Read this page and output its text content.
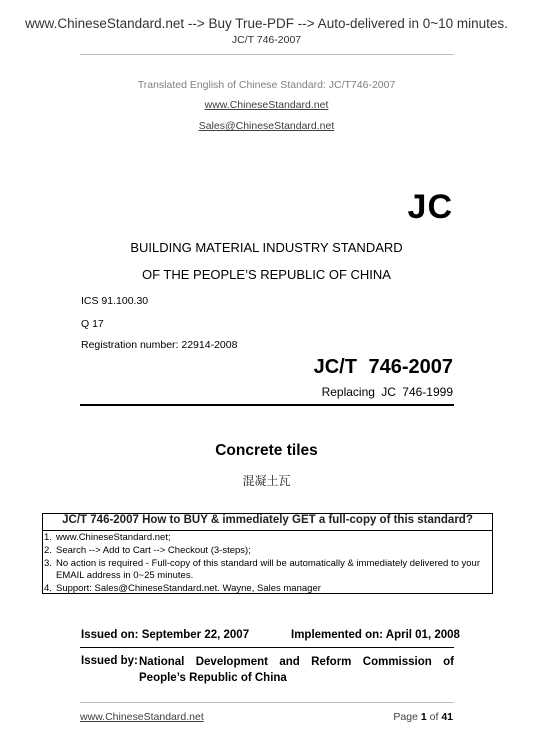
www.ChineseStandard.net --> Buy True-PDF --> Auto-delivered in 0~10 minutes.
JC/T 746-2007
Translated English of Chinese Standard: JC/T746-2007
www.ChineseStandard.net
Sales@ChineseStandard.net
JC
BUILDING MATERIAL INDUSTRY STANDARD
OF THE PEOPLE’S REPUBLIC OF CHINA
ICS 91.100.30
Q 17
Registration number: 22914-2008
JC/T 746-2007
Replacing JC 746-1999
Concrete tiles
混凝土瓦
JC/T 746-2007 How to BUY & immediately GET a full-copy of this standard?
1. www.ChineseStandard.net;
2. Search --> Add to Cart --> Checkout (3-steps);
3. No action is required - Full-copy of this standard will be automatically & immediately delivered to your EMAIL address in 0~25 minutes.
4. Support: Sales@ChineseStandard.net. Wayne, Sales manager
Issued on: September 22, 2007	Implemented on: April 01, 2008
Issued by: National Development and Reform Commission of People’s Republic of China
www.ChineseStandard.net	Page 1 of 41
